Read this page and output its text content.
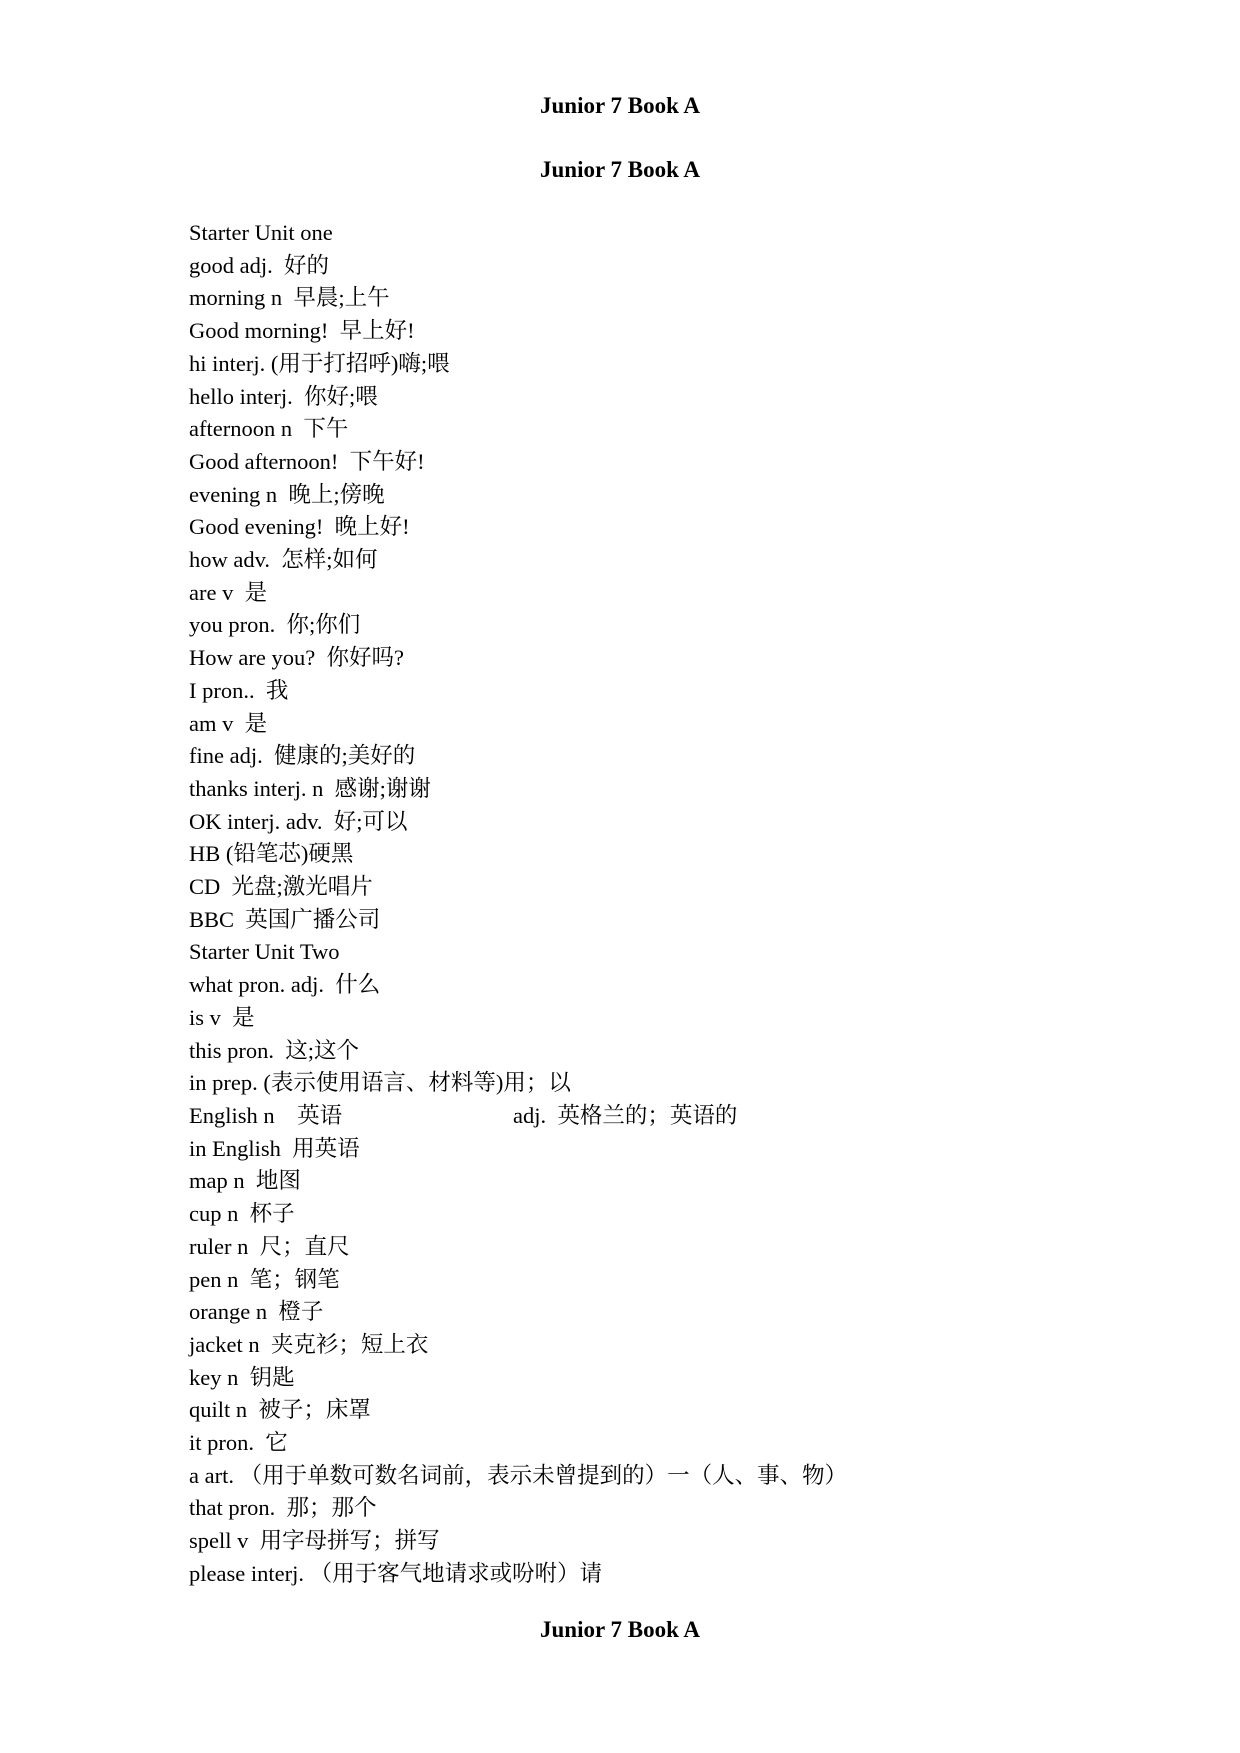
Junior 7 Book A
Junior 7 Book A
Starter Unit one
good adj.  好的
morning n  早晨;上午
Good morning!  早上好!
hi interj. (用于打招呼)嗨;喂
hello interj.  你好;喂
afternoon n  下午
Good afternoon!  下午好!
evening n  晚上;傍晚
Good evening!  晚上好!
how adv.  怎样;如何
are v  是
you pron.  你;你们
How are you?  你好吗?
I pron..  我
am v  是
fine adj.  健康的;美好的
thanks interj. n  感谢;谢谢
OK interj. adv.  好;可以
HB (铅笔芯)硬黑
CD  光盘;激光唱片
BBC  英国广播公司
Starter Unit Two
what pron. adj.  什么
is v  是
this pron.  这;这个
in prep. (表示使用语言、材料等)用；以
English n    英语	adj.  英格兰的；英语的
in English  用英语
map n  地图
cup n  杯子
ruler n  尺；直尺
pen n  笔；钢笔
orange n  橙子
jacket n  夹克衫；短上衣
key n  钥匙
quilt n  被子；床罩
it pron.  它
a art. （用于单数可数名词前，表示未曾提到的）一（人、事、物）
that pron.  那；那个
spell v  用字母拼写；拼写
please interj. （用于客气地请求或吩咐）请
Junior 7 Book A
